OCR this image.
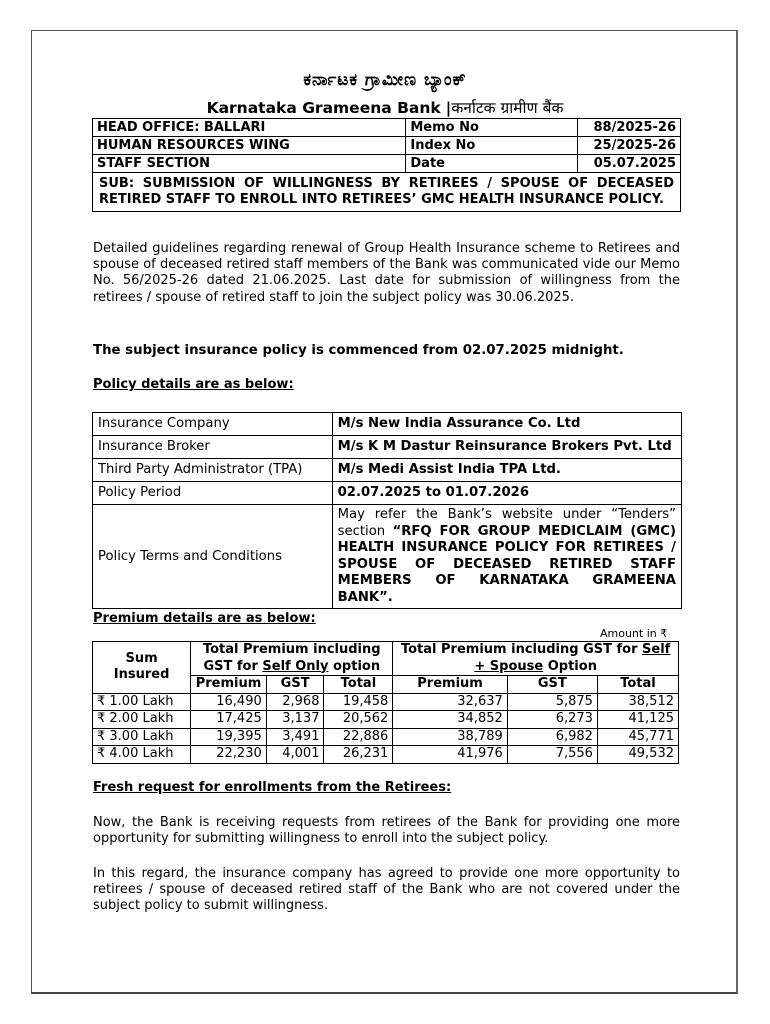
ಕರ್ನಾಟಕ ಗ್ರಾಮೀಣ ಬ್ಯಾಂಕ್
Karnataka Grameena Bank |कर्नाटक ग्रामीण बैंक
HEAD OFFICE: BALLARI	Memo No	88/2025-26
HUMAN RESOURCES WING	Index No	25/2025-26
STAFF SECTION	Date	05.07.2025
SUB: SUBMISSION OF WILLINGNESS BY RETIREES / SPOUSE OF DECEASED RETIRED STAFF TO ENROLL INTO RETIREES’ GMC HEALTH INSURANCE POLICY.		

Detailed guidelines regarding renewal of Group Health Insurance scheme to Retirees and spouse of deceased retired staff members of the Bank was communicated vide our Memo No. 56/2025-26 dated 21.06.2025. Last date for submission of willingness from the retirees / spouse of retired staff to join the subject policy was 30.06.2025.

The subject insurance policy is commenced from 02.07.2025 midnight.

Policy details are as below:

Insurance Company	M/s New India Assurance Co. Ltd
Insurance Broker	M/s K M Dastur Reinsurance Brokers Pvt. Ltd
Third Party Administrator (TPA)	M/s Medi Assist India TPA Ltd.
Policy Period	02.07.2025 to 01.07.2026
Policy Terms and Conditions	May refer the Bank’s website under “Tenders” section “RFQ FOR GROUP MEDICLAIM (GMC) HEALTH INSURANCE POLICY FOR RETIREES / SPOUSE OF DECEASED RETIRED STAFF MEMBERS OF KARNATAKA GRAMEENA BANK”.

Premium details are as below:

Amount in ₹
Sum Insured	Total Premium including GST for Self Only option			Total Premium including GST for Self + Spouse Option		
	Premium	GST	Total	Premium	GST	Total
₹ 1.00 Lakh	16,490	2,968	19,458	32,637	5,875	38,512
₹ 2.00 Lakh	17,425	3,137	20,562	34,852	6,273	41,125
₹ 3.00 Lakh	19,395	3,491	22,886	38,789	6,982	45,771
₹ 4.00 Lakh	22,230	4,001	26,231	41,976	7,556	49,532

Fresh request for enrollments from the Retirees:

Now, the Bank is receiving requests from retirees of the Bank for providing one more opportunity for submitting willingness to enroll into the subject policy.

In this regard, the insurance company has agreed to provide one more opportunity to retirees / spouse of deceased retired staff of the Bank who are not covered under the subject policy to submit willingness.
